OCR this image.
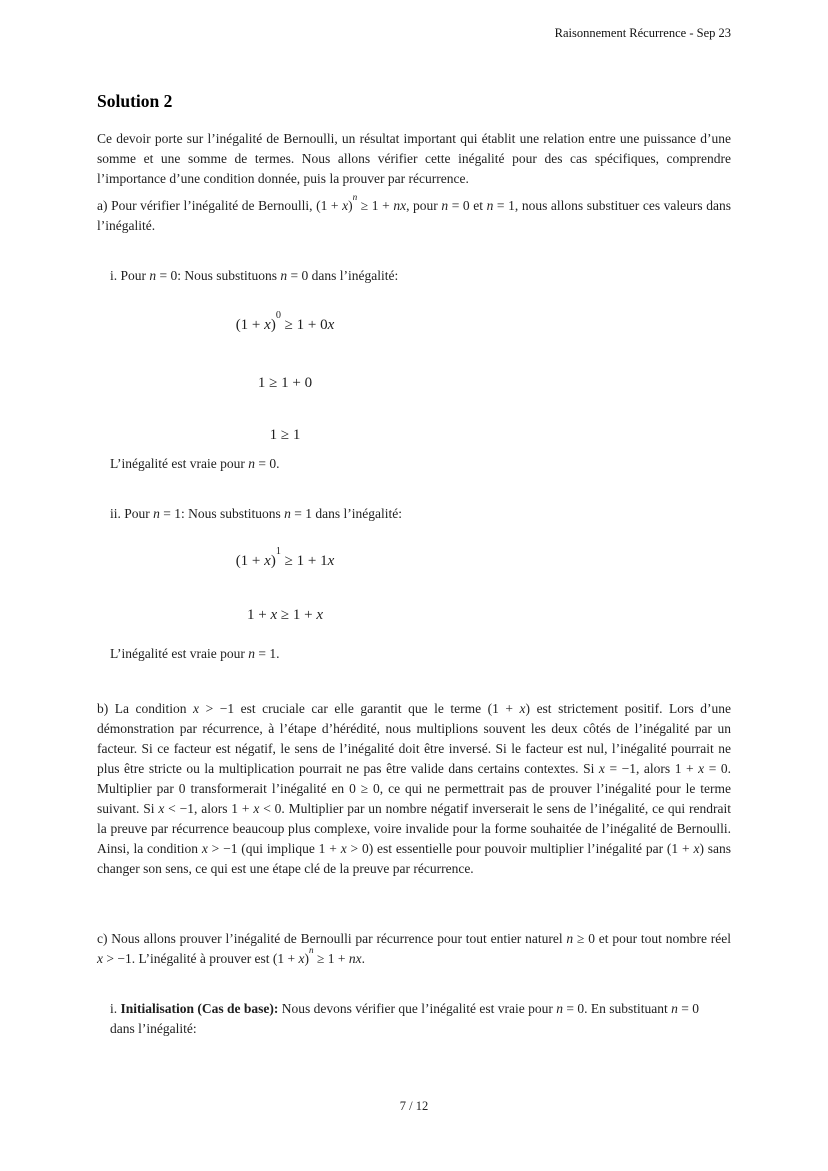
Raisonnement Récurrence - Sep 23
Solution 2
Ce devoir porte sur l’inégalité de Bernoulli, un résultat important qui établit une relation entre une puissance d’une somme et une somme de termes. Nous allons vérifier cette inégalité pour des cas spécifiques, comprendre l’importance d’une condition donnée, puis la prouver par récurrence.
a) Pour vérifier l’inégalité de Bernoulli, $(1 + x)^n \ge 1$ + nx, pour n = 0 et n = 1, nous allons substituer ces valeurs dans l’inégalité.
i. Pour n = 0: Nous substituons n = 0 dans l’inégalité:
$(1 + x)^0 \ge 1 + 0x$
1 ≥ 1 + 0
1 ≥ 1
L’inégalité est vraie pour n = 0.
ii. Pour n = 1: Nous substituons n = 1 dans l’inégalité:
$(1 + x)^1 \ge 1 + 1x$
1 + x ≥ 1 + x
L’inégalité est vraie pour n = 1.
b) La condition x > −1 est cruciale car elle garantit que le terme (1 + x) est strictement positif. Lors d’une démonstration par récurrence, à l’étape d’hérédité, nous multiplions souvent les deux côtés de l’inégalité par un facteur. Si ce facteur est négatif, le sens de l’inégalité doit être inversé. Si le facteur est nul, l’inégalité pourrait ne plus être stricte ou la multiplication pourrait ne pas être valide dans certains contextes. Si x = −1, alors 1 + x = 0. Multiplier par 0 transformerait l’inégalité en 0 ≥ 0, ce qui ne permettrait pas de prouver l’inégalité pour le terme suivant. Si x < −1, alors 1 + x < 0. Multiplier par un nombre négatif inverserait le sens de l’inégalité, ce qui rendrait la preuve par récurrence beaucoup plus complexe, voire invalide pour la forme souhaitée de l’inégalité de Bernoulli. Ainsi, la condition x > −1 (qui implique 1 + x > 0) est essentielle pour pouvoir multiplier l’inégalité par (1 + x) sans changer son sens, ce qui est une étape clé de la preuve par récurrence.
c) Nous allons prouver l’inégalité de Bernoulli par récurrence pour tout entier naturel n ≥ 0 et pour tout nombre réel x > −1. L’inégalité à prouver est $(1 + x)^n \ge 1$ + nx.
i. Initialisation (Cas de base): Nous devons vérifier que l’inégalité est vraie pour n = 0. En substituant n = 0 dans l’inégalité:
7 / 12
